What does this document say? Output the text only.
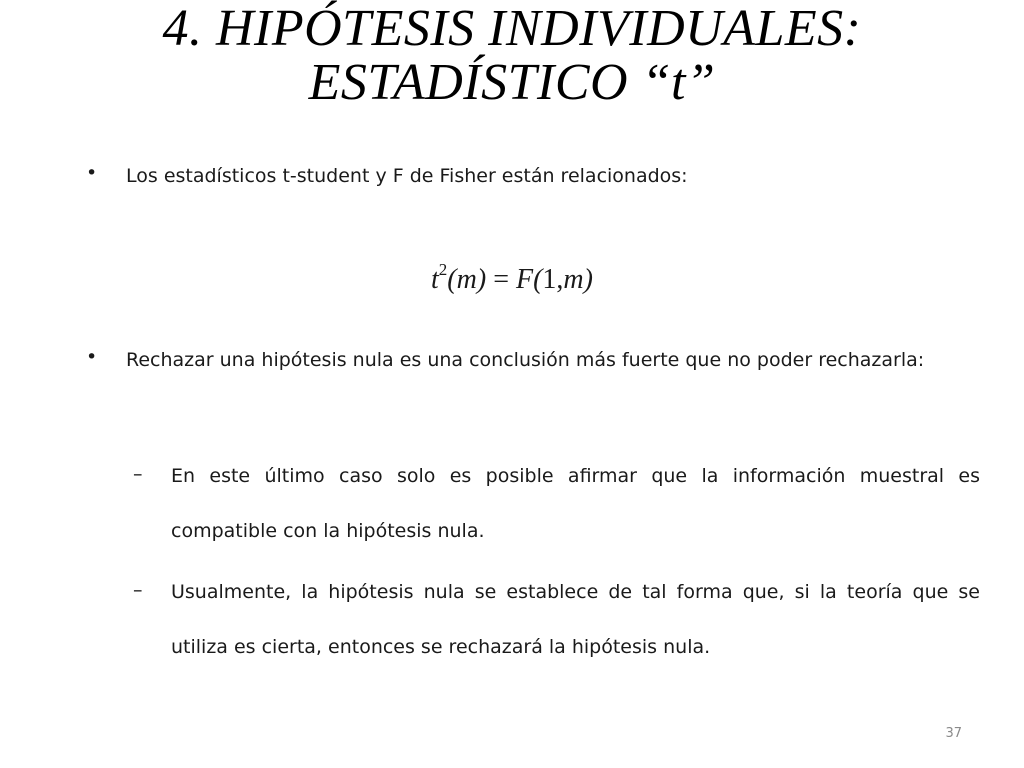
4. HIPÓTESIS INDIVIDUALES:
ESTADÍSTICO “t”
•	Los estadísticos t-student y F de Fisher están relacionados:
$t^2(m) = F(1,m)$
•	Rechazar una hipótesis nula es una conclusión más fuerte que no poder rechazarla:
– En este último caso solo es posible afirmar que la información muestral es compatible con la hipótesis nula.
– Usualmente, la hipótesis nula se establece de tal forma que, si la teoría que se utiliza es cierta, entonces se rechazará la hipótesis nula.
37
